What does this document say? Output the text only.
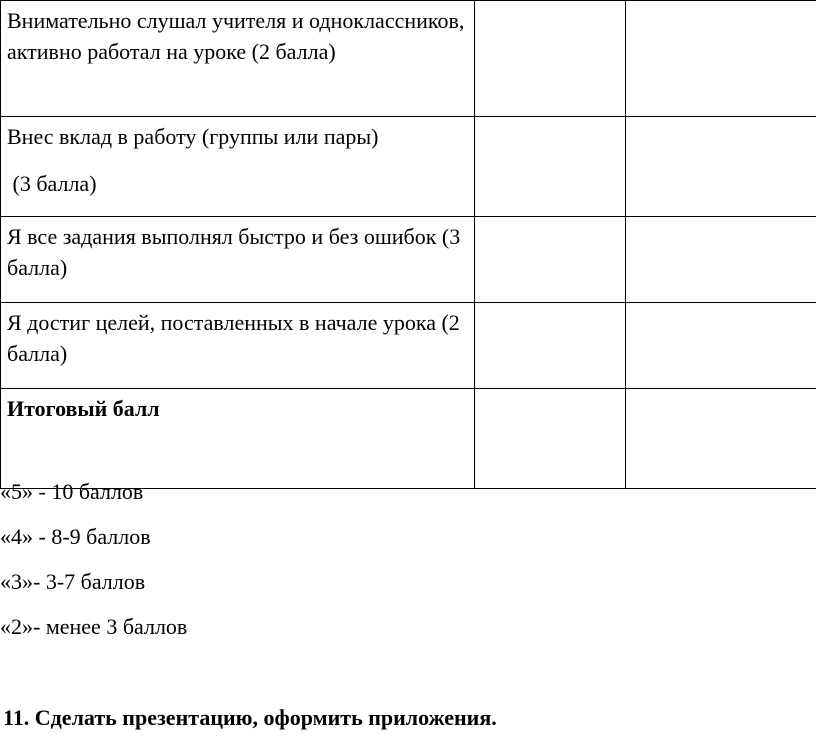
Внимательно слушал учителя и одноклассников, активно работал на уроке (2 балла)		
Внес вклад в работу (группы или пары)
(3 балла)		

Я все задания выполнял быстро и без ошибок (3 балла)		
Я достиг целей, поставленных в начале урока (2 балла)		
Итоговый балл		
«5» - 10 баллов
«4» - 8-9 баллов
«3»- 3-7 баллов
«2»- менее 3 баллов
11. Сделать презентацию, оформить приложения.
